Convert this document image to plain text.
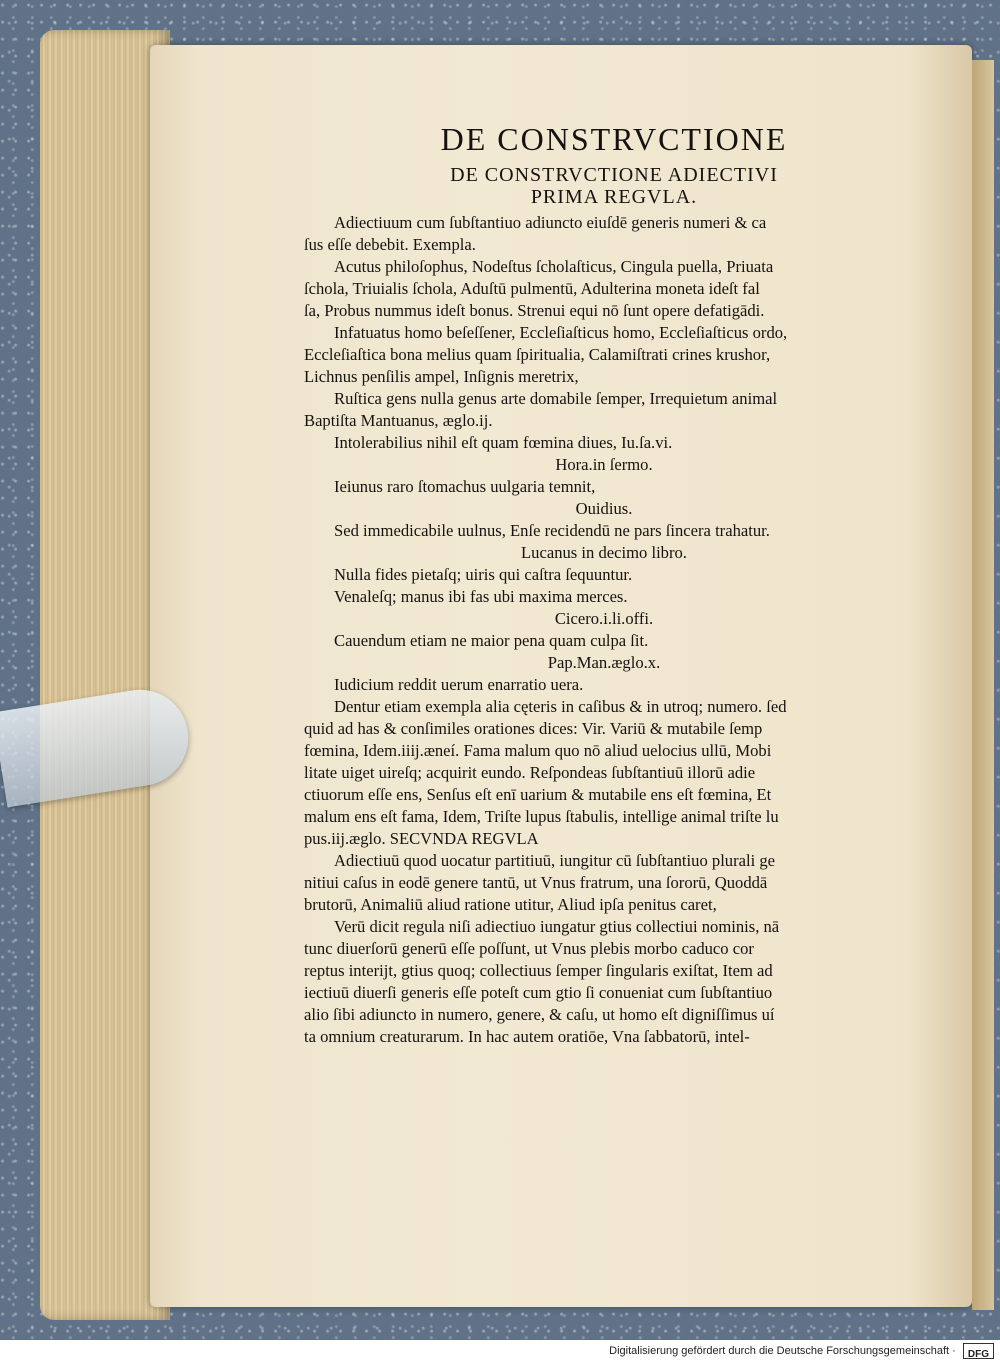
DE CONSTRVCTIONE

DE CONSTRVCTIONE ADIECTIVI

PRIMA REGVLA.

Adiectiuum cum ſubſtantiuo adiuncto eiuſdē generis numeri & ca

ſus eſſe debebit. Exempla.

Acutus philoſophus, Nodeſtus ſcholaſticus, Cingula puella, Priuata

ſchola, Triuialis ſchola, Aduſtū pulmentū, Adulterina moneta ideſt fal

ſa, Probus nummus ideſt bonus. Strenui equi nō ſunt opere defatigādi.

Infatuatus homo beſeſſener, Eccleſiaſticus homo, Eccleſiaſticus ordo,

Eccleſiaſtica bona melius quam ſpiritualia, Calamiſtrati crines krushor,

Lichnus penſilis ampel, Inſignis meretrix,

Ruſtica gens nulla genus arte domabile ſemper, Irrequietum animal

Baptiſta Mantuanus, æglo.ij.

Intolerabilius nihil eſt quam fœmina diues, Iu.ſa.vi.

Hora.in ſermo.

Ieiunus raro ſtomachus uulgaria temnit,

Ouidius.

Sed immedicabile uulnus, Enſe recidendū ne pars ſincera trahatur.

Lucanus in decimo libro.

Nulla fides pietaſq; uiris qui caſtra ſequuntur.

Venaleſq; manus ibi fas ubi maxima merces.

Cicero.i.li.offi.

Cauendum etiam ne maior pena quam culpa ſit.

Pap.Man.æglo.x.

Iudicium reddit uerum enarratio uera.

Dentur etiam exempla alia cęteris in caſibus & in utroq; numero. ſed

quid ad has & conſimiles orationes dices: Vir. Variū & mutabile ſemp

fœmina, Idem.iiij.æneí. Fama malum quo nō aliud uelocius ullū, Mobi

litate uiget uireſq; acquirit eundo. Reſpondeas ſubſtantiuū illorū adie

ctiuorum eſſe ens, Senſus eſt enī uarium & mutabile ens eſt fœmina, Et

malum ens eſt fama, Idem, Triſte lupus ſtabulis, intellige animal triſte lu

pus.iij.æglo. SECVNDA REGVLA

Adiectiuū quod uocatur partitiuū, iungitur cū ſubſtantiuo plurali ge

nitiui caſus in eodē genere tantū, ut Vnus fratrum, una ſororū, Quoddā

brutorū, Animaliū aliud ratione utitur, Aliud ipſa penitus caret,

Verū dicit regula niſi adiectiuo iungatur gtius collectiui nominis, nā

tunc diuerſorū generū eſſe poſſunt, ut Vnus plebis morbo caduco cor

reptus interijt, gtius quoq; collectiuus ſemper ſingularis exiſtat, Item ad

iectiuū diuerſi generis eſſe poteſt cum gtio ſi conueniat cum ſubſtantiuo

alio ſibi adiuncto in numero, genere, & caſu, ut homo eſt digniſſimus uí

ta omnium creaturarum. In hac autem oratiōe, Vna ſabbatorū, intel-

Digitalisierung gefördert durch die Deutsche Forschungsgemeinschaft · DFG
